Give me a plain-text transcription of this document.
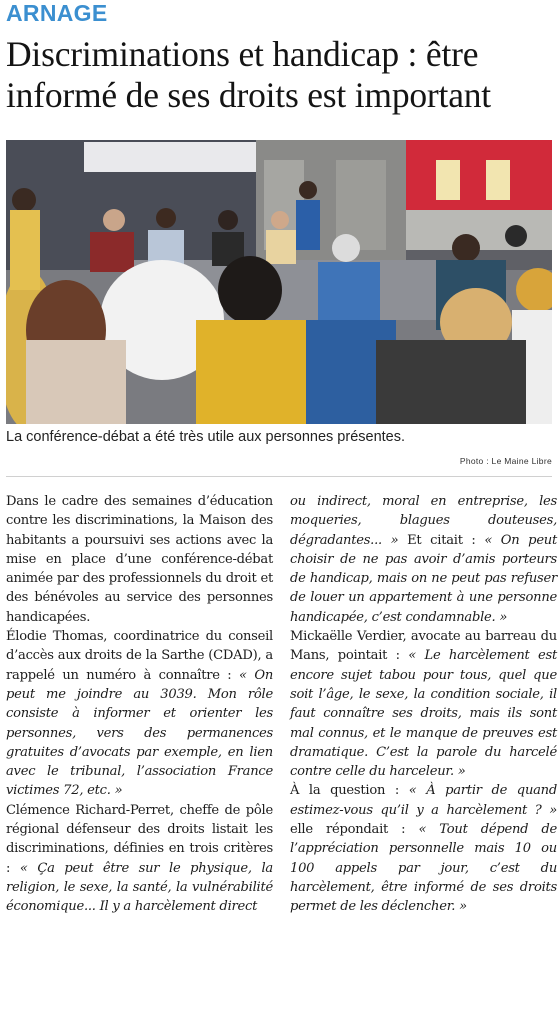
ARNAGE
Discriminations et handicap : être informé de ses droits est important
La conférence-débat a été très utile aux personnes présentes.
Photo : Le Maine Libre

Dans le cadre des semaines d’éducation contre les discriminations, la Maison des habitants a poursuivi ses actions avec la mise en place d’une conférence-débat animée par des professionnels du droit et des bénévoles au service des personnes handicapées.

Élodie Thomas, coordinatrice du conseil d’accès aux droits de la Sarthe (CDAD), a rappelé un numéro à connaître : « On peut me joindre au 3039. Mon rôle consiste à informer et orienter les personnes, vers des permanences gratuites d’avocats par exemple, en lien avec le tribunal, l’association France victimes 72, etc. »

Clémence Richard-Perret, cheffe de pôle régional défenseur des droits listait les discriminations, définies en trois critères : « Ça peut être sur le physique, la religion, le sexe, la santé, la vulnérabilité économique... Il y a harcèlement direct

ou indirect, moral en entreprise, les moqueries, blagues douteuses, dégradantes... » Et citait : « On peut choisir de ne pas avoir d’amis porteurs de handicap, mais on ne peut pas refuser de louer un appartement à une personne handicapée, c’est condamnable. »

Mickaëlle Verdier, avocate au barreau du Mans, pointait : « Le harcèlement est encore sujet tabou pour tous, quel que soit l’âge, le sexe, la condition sociale, il faut connaître ses droits, mais ils sont mal connus, et le manque de preuves est dramatique. C’est la parole du harcelé contre celle du harceleur. »

À la question : « À partir de quand estimez-vous qu’il y a harcèlement ? » elle répondait : « Tout dépend de l’appréciation personnelle mais 10 ou 100 appels par jour, c’est du harcèlement, être informé de ses droits permet de les déclencher. »
